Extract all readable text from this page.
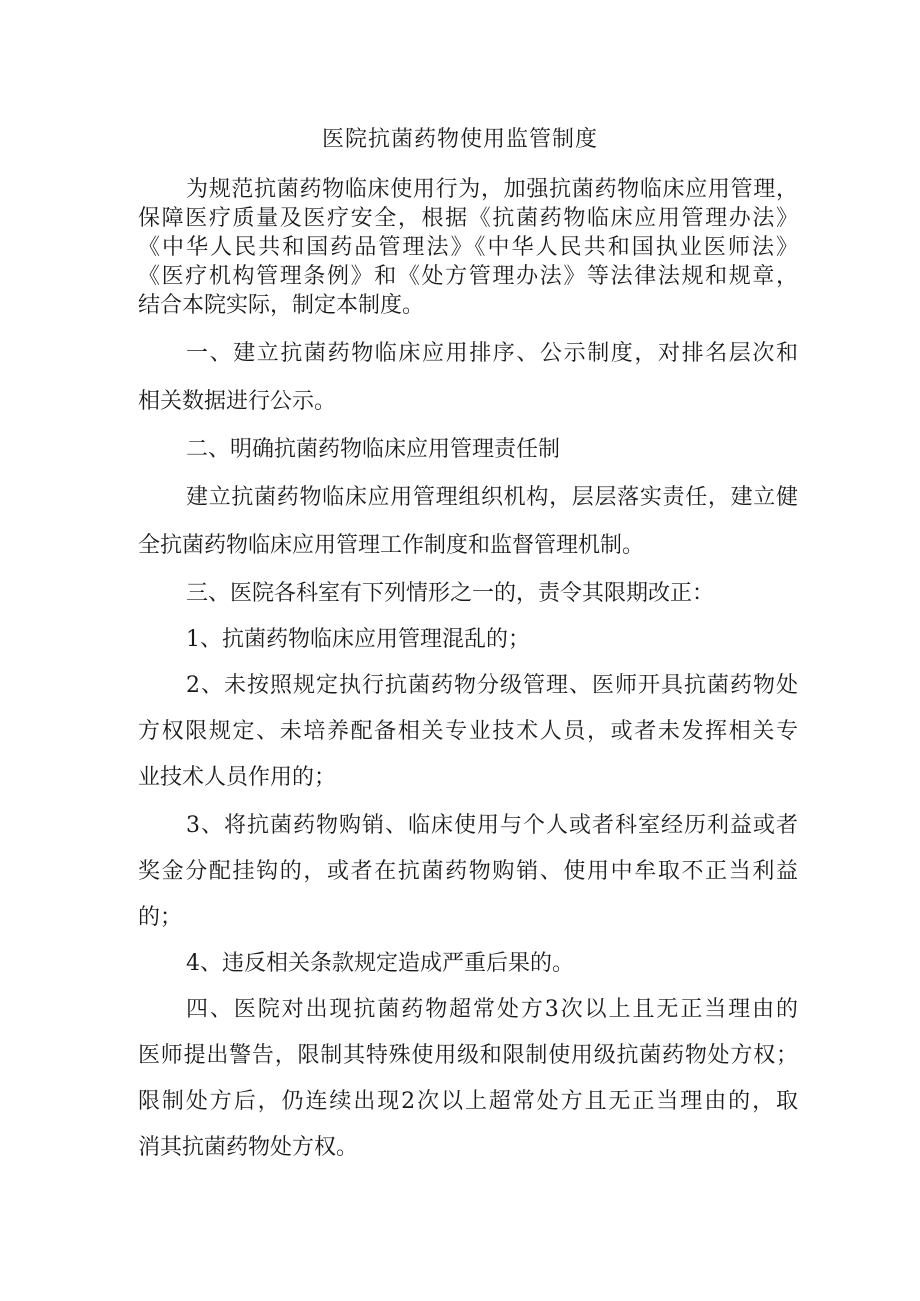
医院抗菌药物使用监管制度
为规范抗菌药物临床使用行为，加强抗菌药物临床应用管理，
保障医疗质量及医疗安全，根据《抗菌药物临床应用管理办法》
《中华人民共和国药品管理法》《中华人民共和国执业医师法》
《医疗机构管理条例》和《处方管理办法》等法律法规和规章，
结合本院实际，制定本制度。
一、建立抗菌药物临床应用排序、公示制度，对排名层次和
相关数据进行公示。
二、明确抗菌药物临床应用管理责任制
建立抗菌药物临床应用管理组织机构，层层落实责任，建立健
全抗菌药物临床应用管理工作制度和监督管理机制。
三、医院各科室有下列情形之一的，责令其限期改正：
1、抗菌药物临床应用管理混乱的；
2、未按照规定执行抗菌药物分级管理、医师开具抗菌药物处
方权限规定、未培养配备相关专业技术人员，或者未发挥相关专
业技术人员作用的；
3、将抗菌药物购销、临床使用与个人或者科室经历利益或者
奖金分配挂钩的，或者在抗菌药物购销、使用中牟取不正当利益
的；
4、违反相关条款规定造成严重后果的。
四、医院对出现抗菌药物超常处方3次以上且无正当理由的
医师提出警告，限制其特殊使用级和限制使用级抗菌药物处方权；
限制处方后，仍连续出现2次以上超常处方且无正当理由的，取
消其抗菌药物处方权。
